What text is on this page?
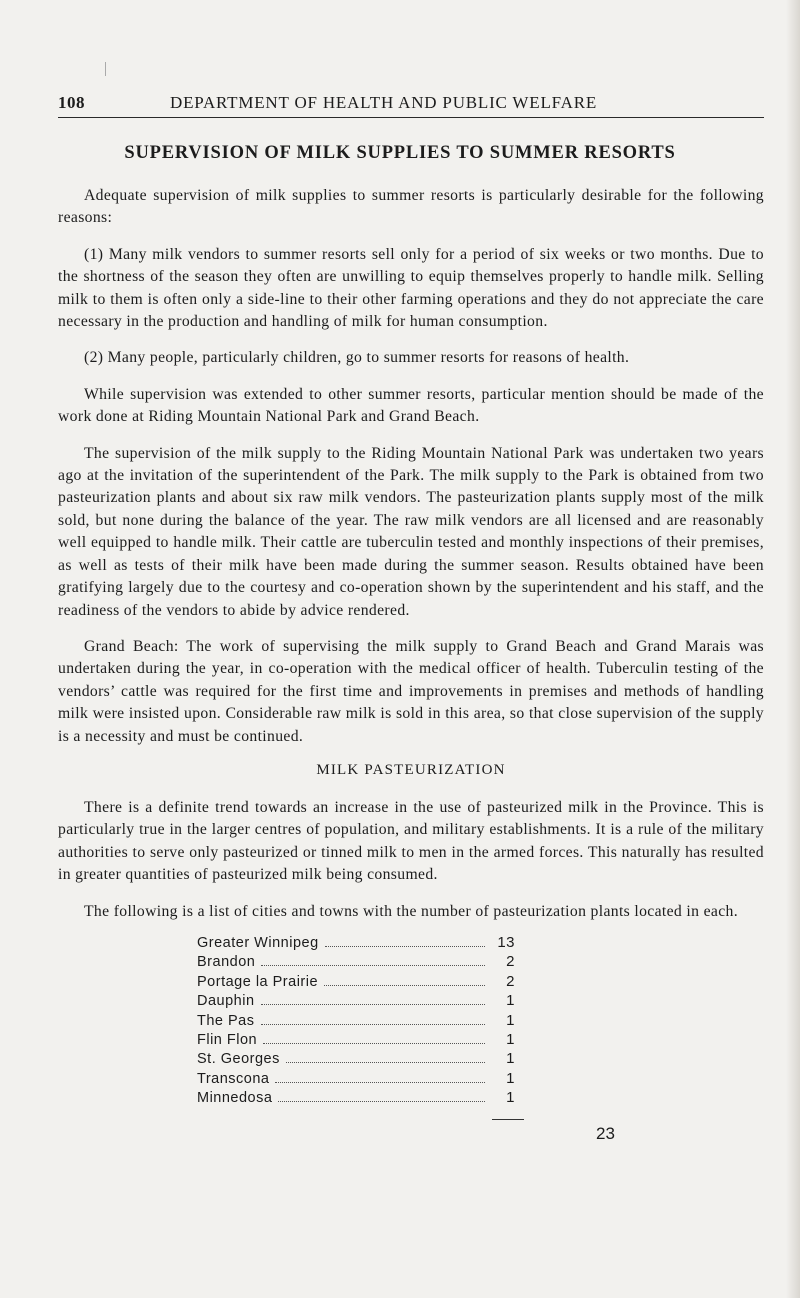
108	DEPARTMENT OF HEALTH AND PUBLIC WELFARE
SUPERVISION OF MILK SUPPLIES TO SUMMER RESORTS

Adequate supervision of milk supplies to summer resorts is particularly desirable for the following reasons:

(1) Many milk vendors to summer resorts sell only for a period of six weeks or two months. Due to the shortness of the season they often are unwilling to equip themselves properly to handle milk. Selling milk to them is often only a side-line to their other farming operations and they do not appreciate the care necessary in the production and handling of milk for human consumption.

(2) Many people, particularly children, go to summer resorts for reasons of health.

While supervision was extended to other summer resorts, particular mention should be made of the work done at Riding Mountain National Park and Grand Beach.

The supervision of the milk supply to the Riding Mountain National Park was undertaken two years ago at the invitation of the superintendent of the Park. The milk supply to the Park is obtained from two pasteurization plants and about six raw milk vendors. The pasteurization plants supply most of the milk sold, but none during the balance of the year. The raw milk vendors are all licensed and are reasonably well equipped to handle milk. Their cattle are tuberculin tested and monthly inspections of their premises, as well as tests of their milk have been made during the summer season. Results obtained have been gratifying largely due to the courtesy and co-operation shown by the superintendent and his staff, and the readiness of the vendors to abide by advice rendered.

Grand Beach: The work of supervising the milk supply to Grand Beach and Grand Marais was undertaken during the year, in co-operation with the medical officer of health. Tuberculin testing of the vendors’ cattle was required for the first time and improvements in premises and methods of handling milk were insisted upon. Considerable raw milk is sold in this area, so that close supervision of the supply is a necessity and must be continued.

MILK PASTEURIZATION

There is a definite trend towards an increase in the use of pasteurized milk in the Province. This is particularly true in the larger centres of population, and military establishments. It is a rule of the military authorities to serve only pasteurized or tinned milk to men in the armed forces. This naturally has resulted in greater quantities of pasteurized milk being consumed.

The following is a list of cities and towns with the number of pasteurization plants located in each.

Greater Winnipeg	13
Brandon	2
Portage la Prairie	2
Dauphin	1
The Pas	1
Flin Flon	1
St. Georges	1
Transcona	1
Minnedosa	1
23
